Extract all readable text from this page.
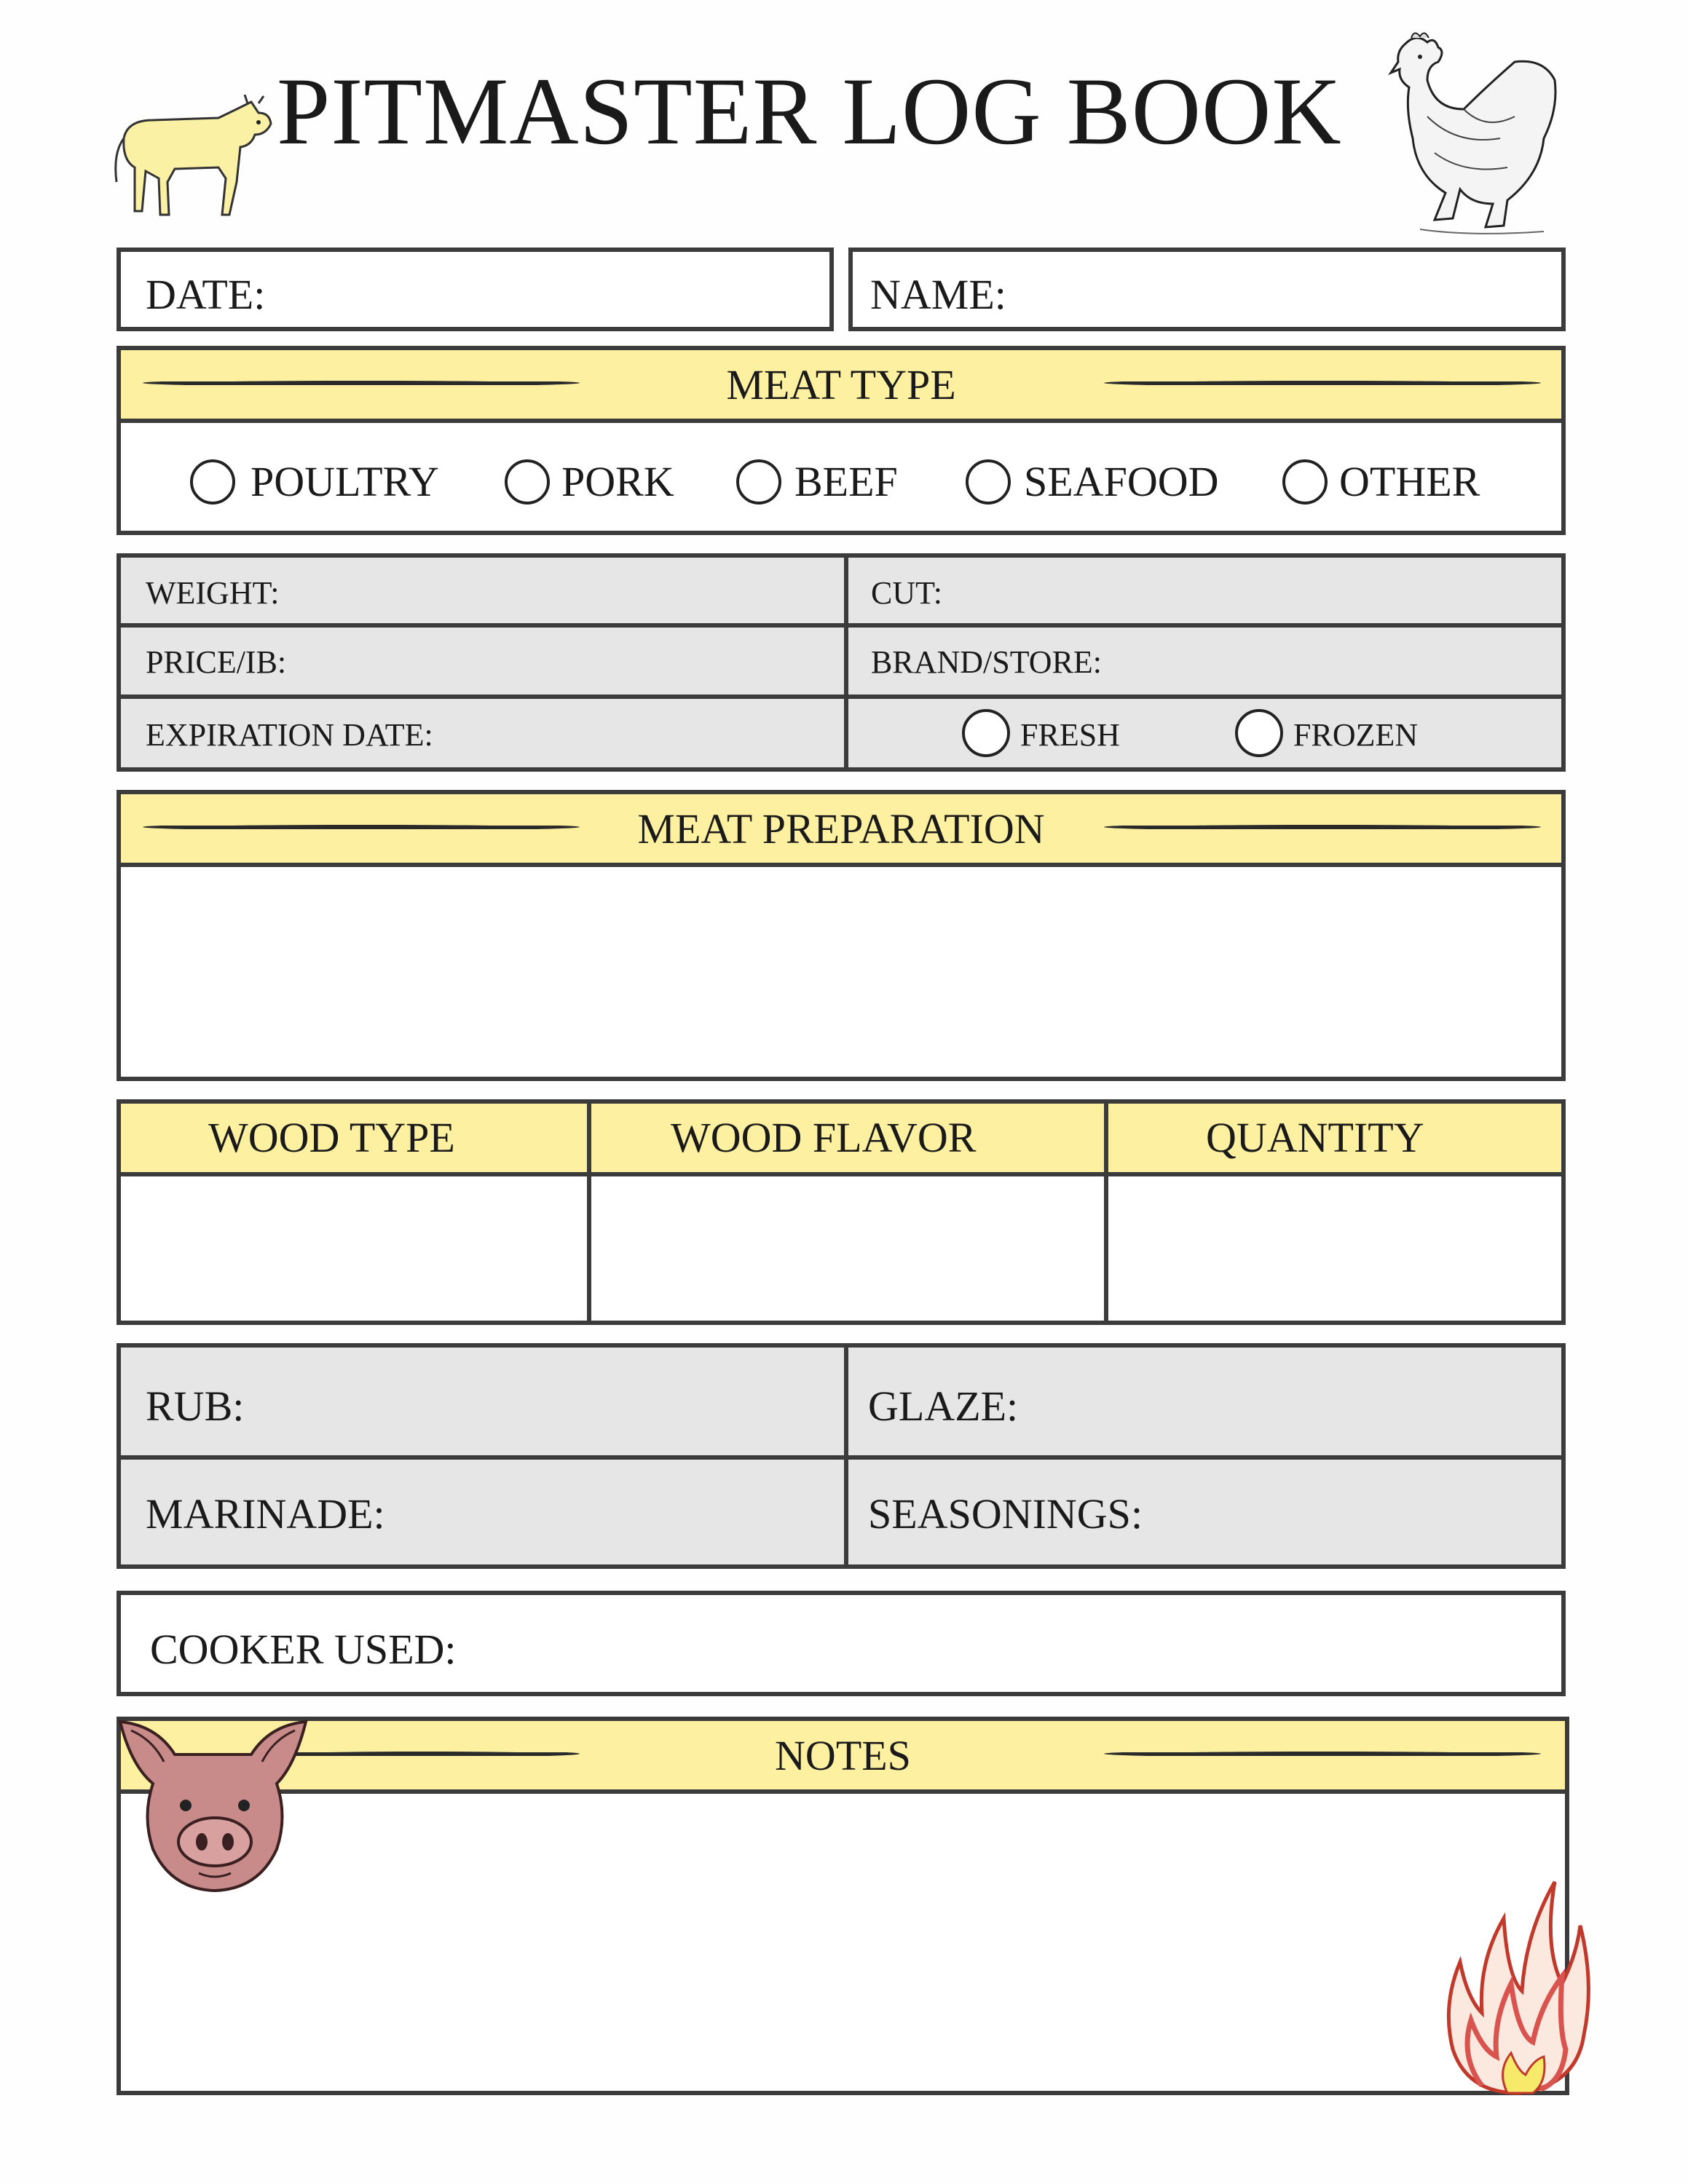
PITMASTER LOG BOOK
DATE:	NAME:
MEAT TYPE
POULTRY	PORK	BEEF	SEAFOOD	OTHER
WEIGHT:	CUT:
PRICE/IB:	BRAND/STORE:
EXPIRATION DATE:	FRESH	FROZEN
MEAT PREPARATION
WOOD TYPE	WOOD FLAVOR	QUANTITY
RUB:	GLAZE:
MARINADE:	SEASONINGS:
COOKER USED:
NOTES
